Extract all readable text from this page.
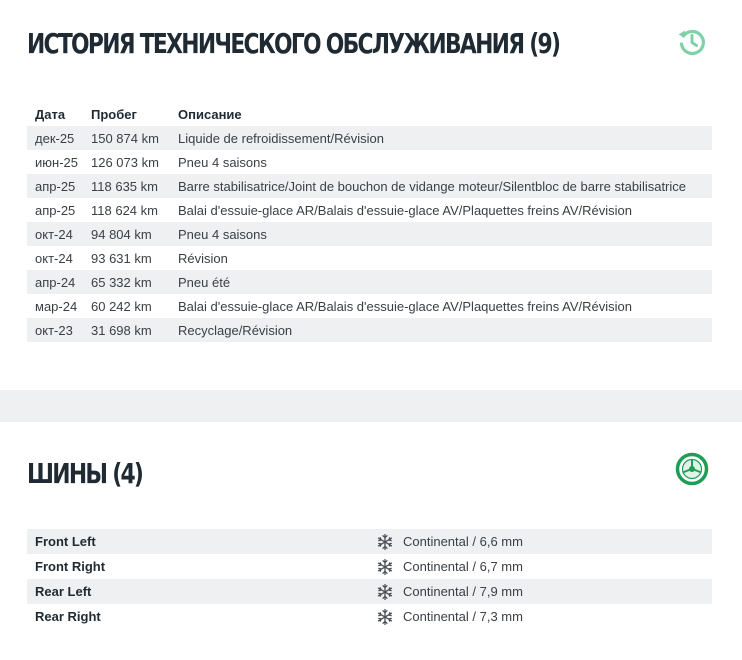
ИСТОРИЯ ТЕХНИЧЕСКОГО ОБСЛУЖИВАНИЯ (9)
Дата	Пробег	Описание
дек-25	150 874 km	Liquide de refroidissement/Révision
июн-25	126 073 km	Pneu 4 saisons
апр-25	118 635 km	Barre stabilisatrice/Joint de bouchon de vidange moteur/Silentbloc de barre stabilisatrice
апр-25	118 624 km	Balai d'essuie-glace AR/Balais d'essuie-glace AV/Plaquettes freins AV/Révision
окт-24	94 804 km	Pneu 4 saisons
окт-24	93 631 km	Révision
апр-24	65 332 km	Pneu été
мар-24	60 242 km	Balai d'essuie-glace AR/Balais d'essuie-glace AV/Plaquettes freins AV/Révision
окт-23	31 698 km	Recyclage/Révision
ШИНЫ (4)
Front Left	Continental / 6,6 mm
Front Right	Continental / 6,7 mm
Rear Left	Continental / 7,9 mm
Rear Right	Continental / 7,3 mm
